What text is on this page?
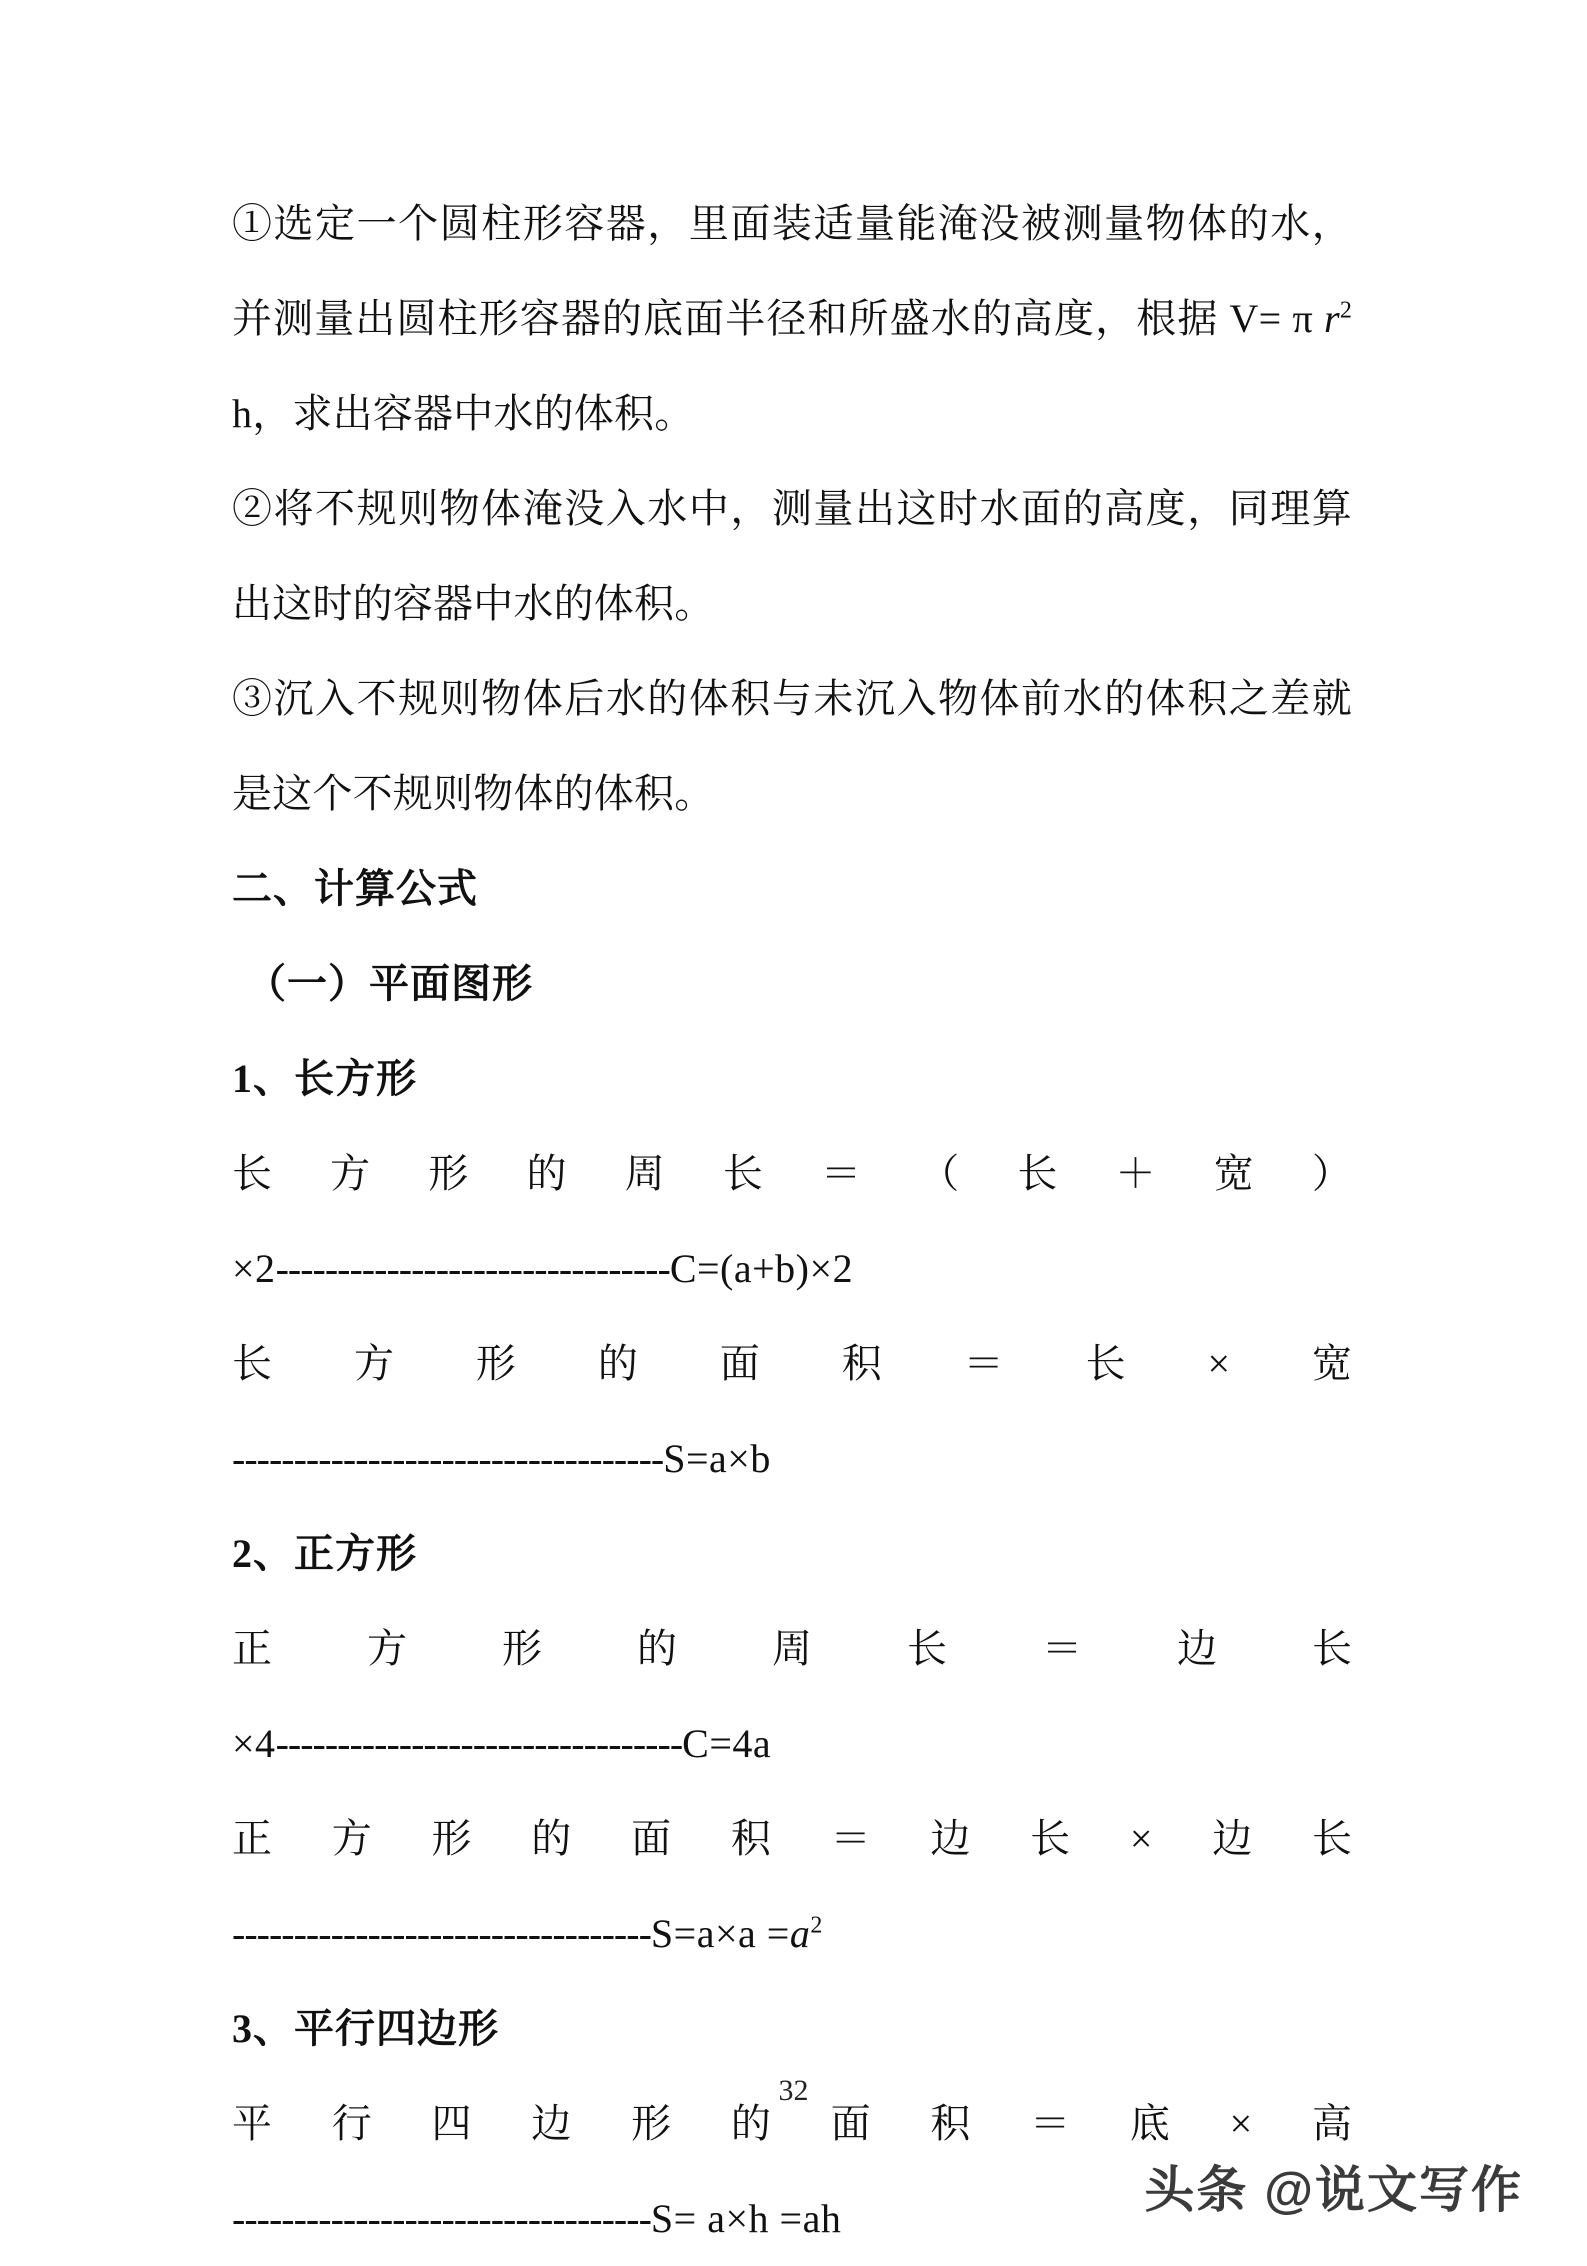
①选定一个圆柱形容器，里面装适量能淹没被测量物体的水，并测量出圆柱形容器的底面半径和所盛水的高度，根据 V= π $r^2h$，求出容器中水的体积。

②将不规则物体淹没入水中，测量出这时水面的高度，同理算出这时的容器中水的体积。

③沉入不规则物体后水的体积与未沉入物体前水的体积之差就是这个不规则物体的体积。

二、计算公式

（一）平面图形

1、长方形

长 方 形 的 周 长 ＝ （ 长 ＋ 宽 ）

×2--------------------------------C=(a+b)×2

长 方 形 的 面 积 ＝ 长 × 宽

-----------------------------------S=a×b

2、正方形

正 方 形 的 周 长 ＝ 边 长

×4---------------------------------C=4a

正 方 形 的 面 积 ＝ 边 长 × 边 长

$----------------------------------S=a\times a =a^2$

3、平行四边形

平 行 四 边 形 的 面 积 ＝ 底 × 高

----------------------------------S= a×h =ah

32
头条 @说文写作
